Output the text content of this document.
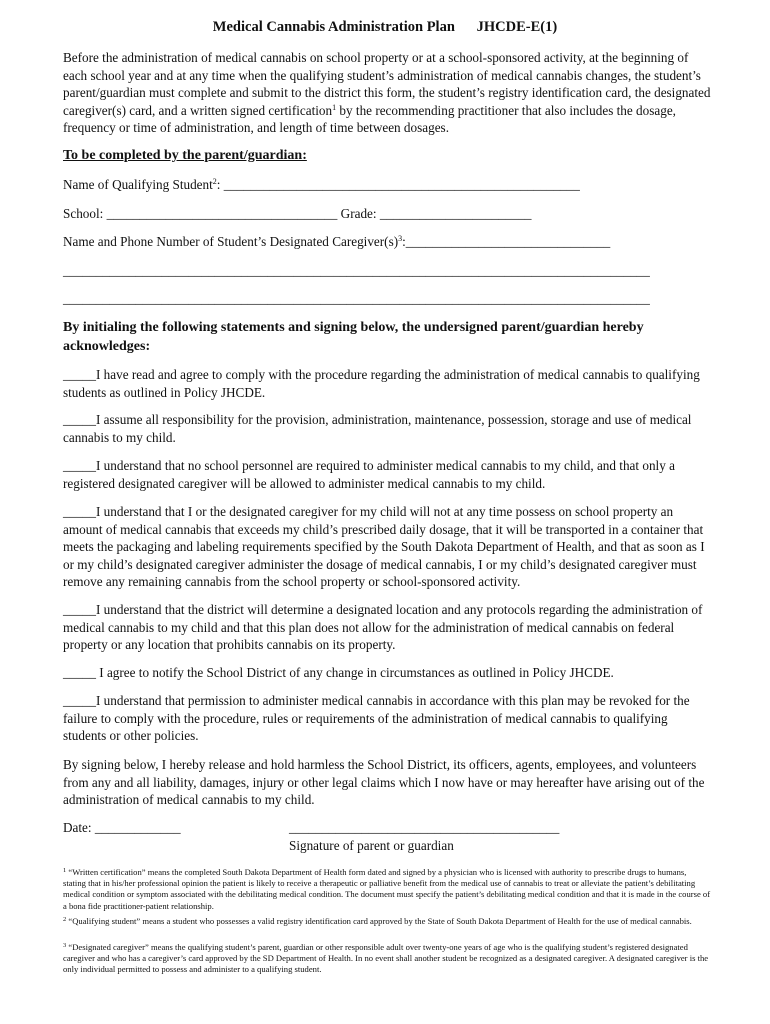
Medical Cannabis Administration Plan      JHCDE-E(1)

Before the administration of medical cannabis on school property or at a school-sponsored activity, at the beginning of each school year and at any time when the qualifying student’s administration of medical cannabis changes, the student’s parent/guardian must complete and submit to the district this form, the student’s registry identification card, the designated caregiver(s) card, and a written signed certification$^1$ by the recommending practitioner that also includes the dosage, frequency or time of administration, and length of time between dosages.

To be completed by the parent/guardian:

Name of Qualifying Student$^2$: ______________________________________________________

School: ___________________________________ Grade: _______________________

Name and Phone Number of Student’s Designated $Caregiver(s)^3:\_\_\_\_\_\_\_\_\_\_\_\_\_\_\_\_\_\_\_\_\_\_\_\_\_\_\_\_\_\_\_$

_________________________________________________________________________________________

_________________________________________________________________________________________

By initialing the following statements and signing below, the undersigned parent/guardian hereby acknowledges:

_____I have read and agree to comply with the procedure regarding the administration of medical cannabis to qualifying students as outlined in Policy JHCDE.

_____I assume all responsibility for the provision, administration, maintenance, possession, storage and use of medical cannabis to my child.

_____I understand that no school personnel are required to administer medical cannabis to my child, and that only a registered designated caregiver will be allowed to administer medical cannabis to my child.

_____I understand that I or the designated caregiver for my child will not at any time possess on school property an amount of medical cannabis that exceeds my child’s prescribed daily dosage, that it will be transported in a container that meets the packaging and labeling requirements specified by the South Dakota Department of Health, and that as soon as I or my child’s designated caregiver administer the dosage of medical cannabis, I or my child’s designated caregiver must remove any remaining cannabis from the school property or school-sponsored activity.

_____I understand that the district will determine a designated location and any protocols regarding the administration of medical cannabis to my child and that this plan does not allow for the administration of medical cannabis on federal property or any location that prohibits cannabis on its property.

_____ I agree to notify the School District of any change in circumstances as outlined in Policy JHCDE.

_____I understand that permission to administer medical cannabis in accordance with this plan may be revoked for the failure to comply with the procedure, rules or requirements of the administration of medical cannabis to qualifying students or other policies.

By signing below, I hereby release and hold harmless the School District, its officers, agents, employees, and volunteers from any and all liability, damages, injury or other legal claims which I now have or may hereafter have arising out of the administration of medical cannabis to my child.

Date: _____________	_________________________________________

Signature of parent or guardian

$^1$ “Written certification” means the completed South Dakota Department of Health form dated and signed by a physician who is licensed with authority to prescribe drugs to humans, stating that in his/her professional opinion the patient is likely to receive a therapeutic or palliative benefit from the medical use of cannabis to treat or alleviate the patient’s debilitating medical condition or symptom associated with the debilitating medical condition. The document must specify the patient’s debilitating medical condition and that it is made in the course of a bona fide practitioner-patient relationship.

$^2$ “Qualifying student” means a student who possesses a valid registry identification card approved by the State of South Dakota Department of Health for the use of medical cannabis.

$^3$ “Designated caregiver” means the qualifying student’s parent, guardian or other responsible adult over twenty-one years of age who is the qualifying student’s registered designated caregiver and who has a caregiver’s card approved by the SD Department of Health. In no event shall another student be recognized as a designated caregiver. A designated caregiver is the only individual permitted to possess and administer to a qualifying student.
